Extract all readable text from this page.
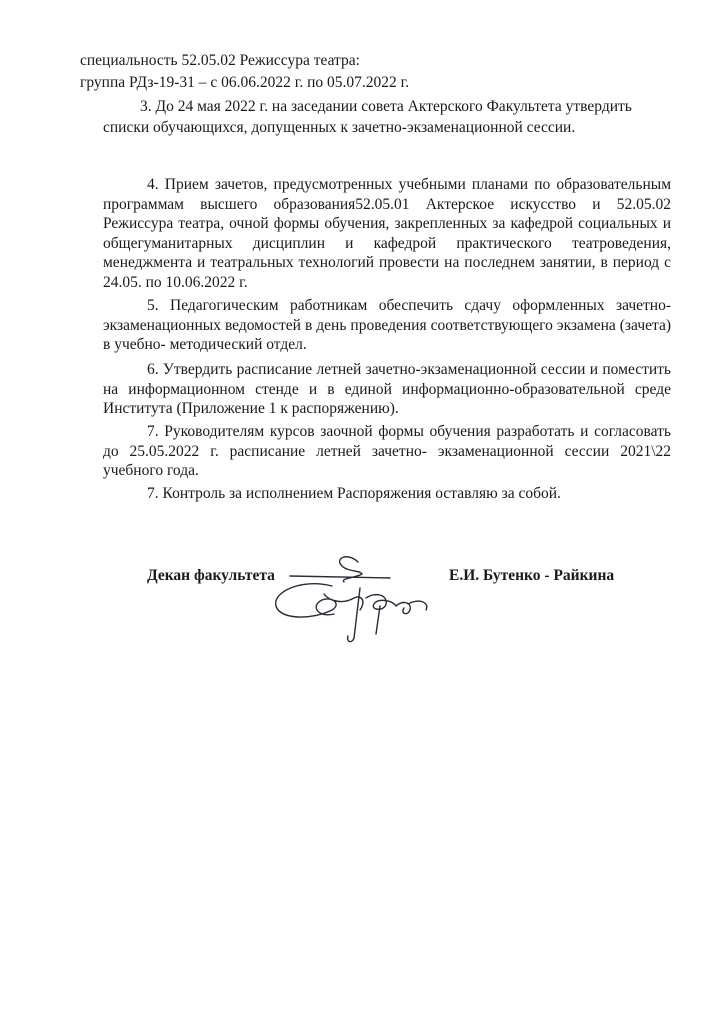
специальность 52.05.02 Режиссура театра:
группа РДз-19-31 – с 06.06.2022 г. по 05.07.2022 г.
3. До 24 мая 2022 г. на заседании совета Актерского Факультета утвердить
списки обучающихся, допущенных к зачетно-экзаменационной сессии.
4. Прием зачетов, предусмотренных учебными планами по образовательным программам высшего образования52.05.01 Актерское искусство и 52.05.02 Режиссура театра, очной формы обучения, закрепленных за кафедрой социальных и общегуманитарных дисциплин и кафедрой практического театроведения, менеджмента и театральных технологий провести на последнем занятии, в период с 24.05. по 10.06.2022 г.
5. Педагогическим работникам обеспечить сдачу оформленных зачетно-экзаменационных ведомостей в день проведения соответствующего экзамена (зачета) в учебно- методический отдел.
6. Утвердить расписание летней зачетно-экзаменационной сессии и поместить на информационном стенде и в единой информационно-образовательной среде Института (Приложение 1 к распоряжению).
7. Руководителям курсов заочной формы обучения разработать и согласовать до 25.05.2022 г. расписание летней зачетно- экзаменационной сессии 2021\22 учебного года.
7. Контроль за исполнением Распоряжения оставляю за собой.
Декан факультета	Е.И. Бутенко - Райкина
